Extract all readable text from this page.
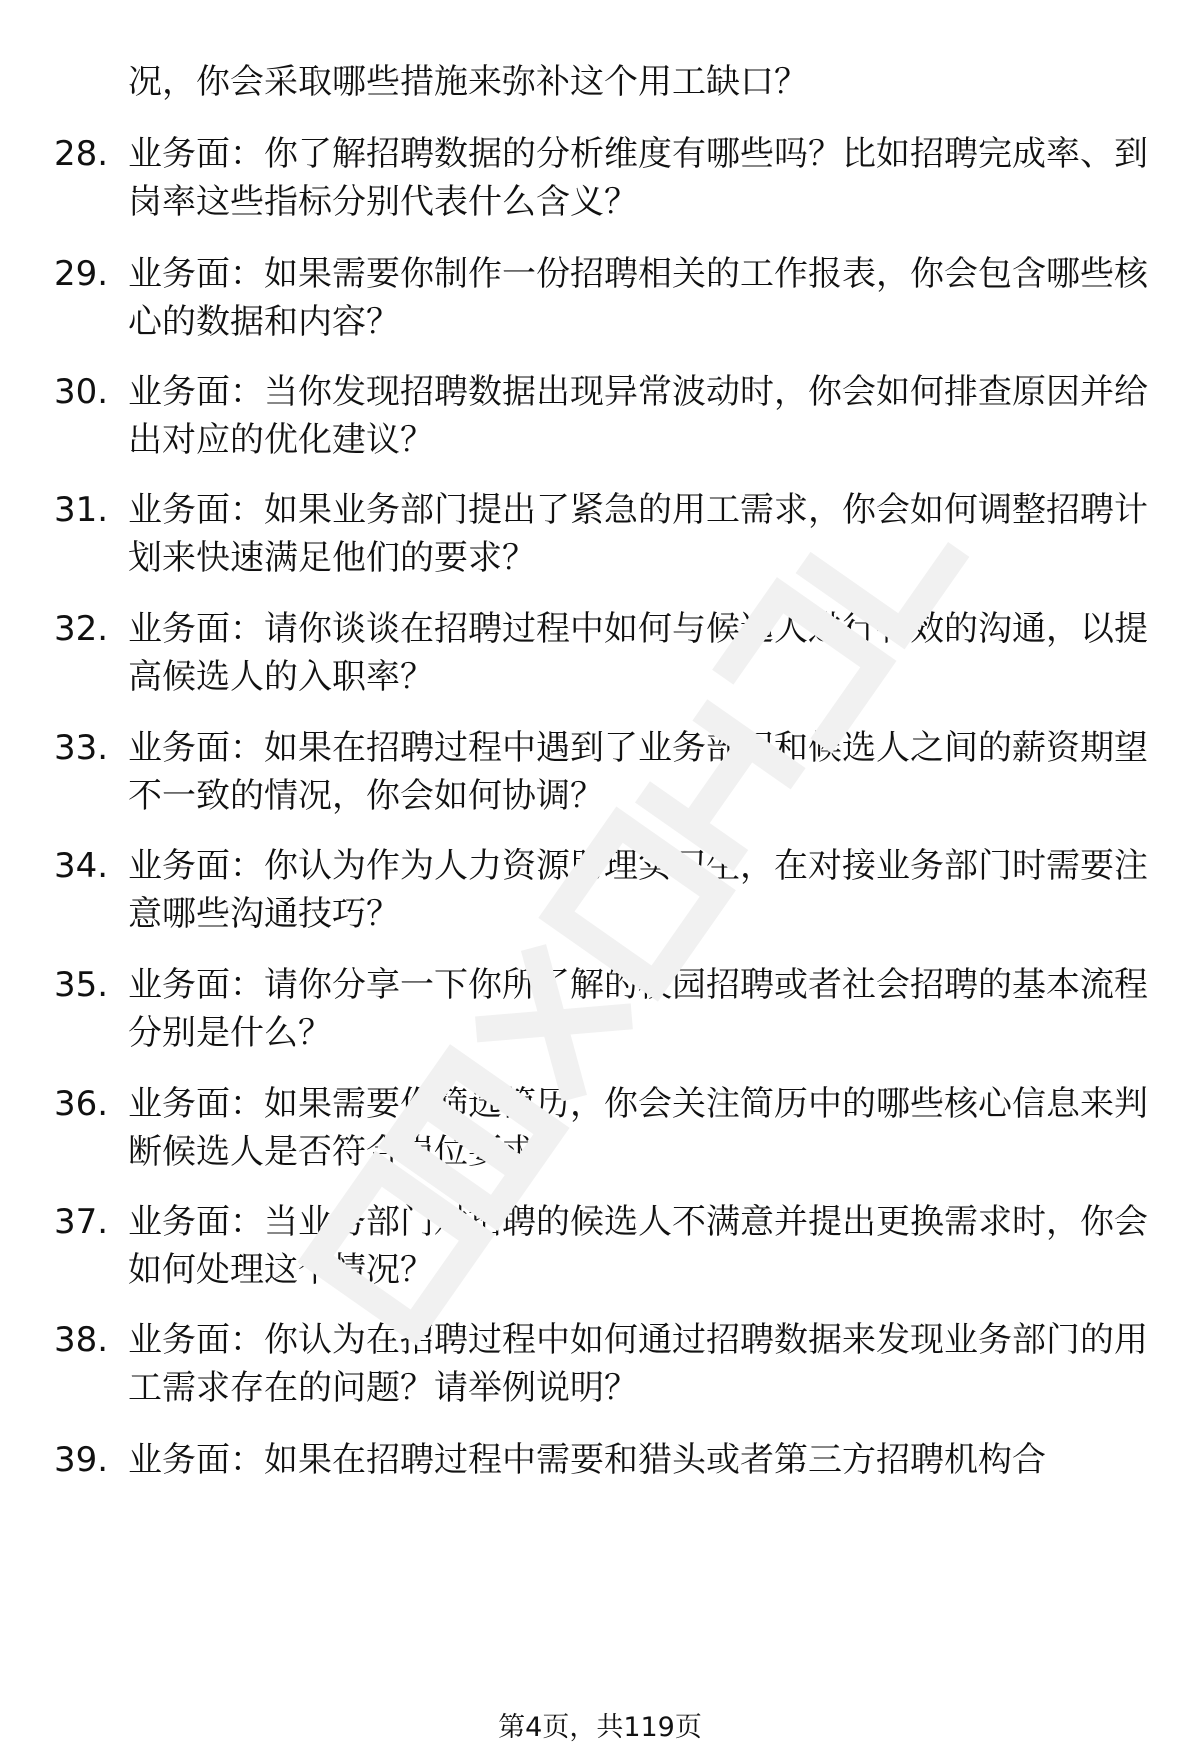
况，你会采取哪些措施来弥补这个用工缺口？
28. 业务面：你了解招聘数据的分析维度有哪些吗？比如招聘完成率、到岗率这些指标分别代表什么含义？
29. 业务面：如果需要你制作一份招聘相关的工作报表，你会包含哪些核心的数据和内容？
30. 业务面：当你发现招聘数据出现异常波动时，你会如何排查原因并给出对应的优化建议？
31. 业务面：如果业务部门提出了紧急的用工需求，你会如何调整招聘计划来快速满足他们的要求？
32. 业务面：请你谈谈在招聘过程中如何与候选人进行有效的沟通，以提高候选人的入职率？
33. 业务面：如果在招聘过程中遇到了业务部门和候选人之间的薪资期望不一致的情况，你会如何协调？
34. 业务面：你认为作为人力资源助理实习生，在对接业务部门时需要注意哪些沟通技巧？
35. 业务面：请你分享一下你所了解的校园招聘或者社会招聘的基本流程分别是什么？
36. 业务面：如果需要你筛选简历，你会关注简历中的哪些核心信息来判断候选人是否符合岗位要求？
37. 业务面：当业务部门对招聘的候选人不满意并提出更换需求时，你会如何处理这个情况？
38. 业务面：你认为在招聘过程中如何通过招聘数据来发现业务部门的用工需求存在的问题？请举例说明？
39. 业务面：如果在招聘过程中需要和猎头或者第三方招聘机构合
第4页，共119页
